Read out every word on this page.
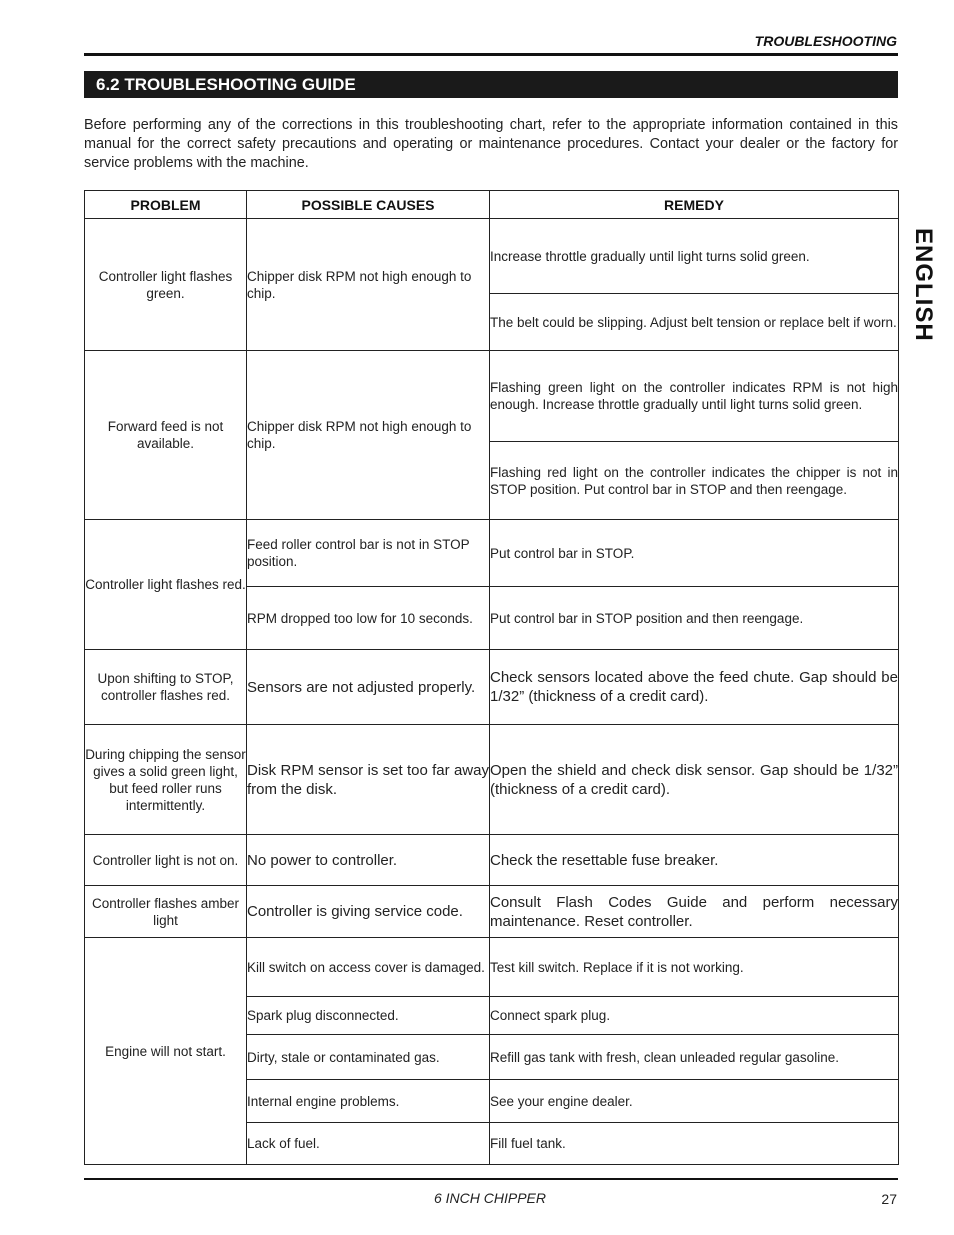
TROUBLESHOOTING
6.2 TROUBLESHOOTING GUIDE

Before performing any of the corrections in this troubleshooting chart, refer to the appropriate information contained in this manual for the correct safety precautions and operating or maintenance procedures. Contact your dealer or the factory for service problems with the machine.

PROBLEM	POSSIBLE CAUSES	REMEDY
Controller light flashes green.	Chipper disk RPM not high enough to chip.	Increase throttle gradually until light turns solid green.
		The belt could be slipping. Adjust belt tension or replace belt if worn.
Forward feed is not available.	Chipper disk RPM not high enough to chip.	Flashing green light on the controller indicates RPM is not high enough. Increase throttle gradually until light turns solid green.
		Flashing red light on the controller indicates the chipper is not in STOP position. Put control bar in STOP and then reengage.
Controller light flashes red.	Feed roller control bar is not in STOP position.	Put control bar in STOP.
	RPM dropped too low for 10 seconds.	Put control bar in STOP position and then reengage.
Upon shifting to STOP, controller flashes red.	Sensors are not adjusted properly.	Check sensors located above the feed chute. Gap should be 1/32” (thickness of a credit card).
During chipping the sensor gives a solid green light, but feed roller runs intermittently.	Disk RPM sensor is set too far away from the disk.	Open the shield and check disk sensor. Gap should be 1/32” (thickness of a credit card).
Controller light is not on.	No power to controller.	Check the resettable fuse breaker.
Controller flashes amber light	Controller is giving service code.	Consult Flash Codes Guide and perform necessary maintenance. Reset controller.
Engine will not start.	Kill switch on access cover is damaged.	Test kill switch. Replace if it is not working.
	Spark plug disconnected.	Connect spark plug.
	Dirty, stale or contaminated gas.	Refill gas tank with fresh, clean unleaded regular gasoline.
	Internal engine problems.	See your engine dealer.
	Lack of fuel.	Fill fuel tank.
ENGLISH
6 INCH CHIPPER	27
